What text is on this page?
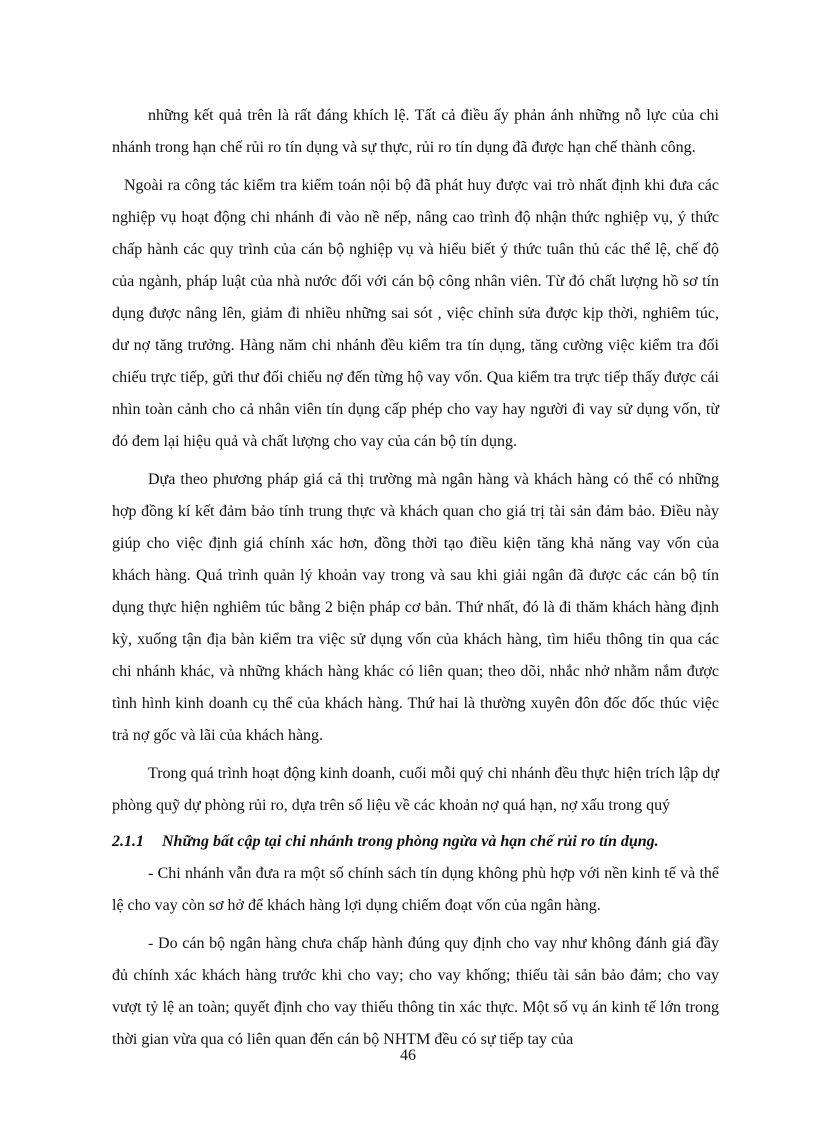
những kết quả trên là rất đáng khích lệ. Tất cả điều ấy phản ánh những nỗ lực của chi nhánh trong hạn chế rủi ro tín dụng và sự thực, rủi ro tín dụng đã được hạn chế thành công.

Ngoài ra công tác kiểm tra kiểm toán nội bộ đã phát huy được vai trò nhất định khi đưa các nghiệp vụ hoạt động chi nhánh đi vào nề nếp, nâng cao trình độ nhận thức nghiệp vụ, ý thức chấp hành các quy trình của cán bộ nghiệp vụ và hiểu biết ý thức tuân thủ các thể lệ, chế độ của ngành, pháp luật của nhà nước đối với cán bộ công nhân viên. Từ đó chất lượng hồ sơ tín dụng được nâng lên, giảm đi nhiều những sai sót , việc chỉnh sửa được kịp thời, nghiêm túc, dư nợ tăng trưởng. Hàng năm chi nhánh đều kiểm tra tín dụng, tăng cường việc kiểm tra đối chiếu trực tiếp, gửi thư đối chiếu nợ đến từng hộ vay vốn. Qua kiểm tra trực tiếp thấy được cái nhìn toàn cảnh cho cả nhân viên tín dụng cấp phép cho vay hay người đi vay sử dụng vốn, từ đó đem lại hiệu quả và chất lượng cho vay của cán bộ tín dụng.

Dựa theo phương pháp giá cả thị trường mà ngân hàng và khách hàng có thể có những hợp đồng kí kết đảm bảo tính trung thực và khách quan cho giá trị tài sản đảm bảo. Điều này giúp cho việc định giá chính xác hơn, đồng thời tạo điều kiện tăng khả năng vay vốn của khách hàng. Quá trình quản lý khoản vay trong và sau khi giải ngân đã được các cán bộ tín dụng thực hiện nghiêm túc bằng 2 biện pháp cơ bản. Thứ nhất, đó là đi thăm khách hàng định kỳ, xuống tận địa bàn kiểm tra việc sử dụng vốn của khách hàng, tìm hiểu thông tin qua các chi nhánh khác, và những khách hàng khác có liên quan; theo dõi, nhắc nhở nhằm nắm được tình hình kinh doanh cụ thể của khách hàng. Thứ hai là thường xuyên đôn đốc đốc thúc việc trả nợ gốc và lãi của khách hàng.

Trong quá trình hoạt động kinh doanh, cuối mỗi quý chi nhánh đều thực hiện trích lập dự phòng quỹ dự phòng rủi ro, dựa trên số liệu về các khoản nợ quá hạn, nợ xấu trong quý

2.1.1 Những bất cập tại chi nhánh trong phòng ngừa và hạn chế rủi ro tín dụng.

- Chi nhánh vẫn đưa ra một số chính sách tín dụng không phù hợp với nền kinh tế và thể lệ cho vay còn sơ hở để khách hàng lợi dụng chiếm đoạt vốn của ngân hàng.

- Do cán bộ ngân hàng chưa chấp hành đúng quy định cho vay như không đánh giá đầy đủ chính xác khách hàng trước khi cho vay; cho vay khống; thiếu tài sản bảo đảm; cho vay vượt tỷ lệ an toàn; quyết định cho vay thiếu thông tin xác thực. Một số vụ án kinh tế lớn trong thời gian vừa qua có liên quan đến cán bộ NHTM đều có sự tiếp tay của

46
